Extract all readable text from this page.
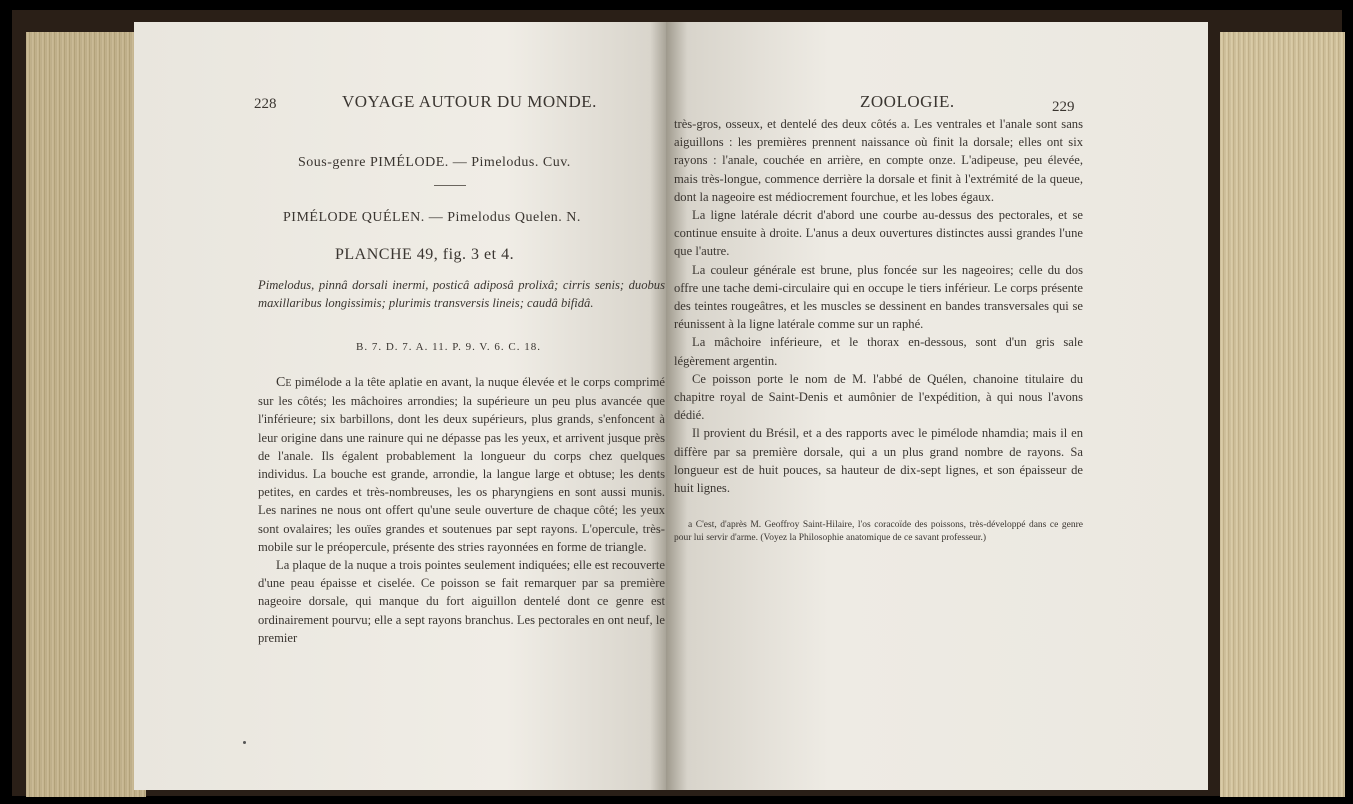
228	VOYAGE AUTOUR DU MONDE.
Sous-genre PIMÉLODE. — Pimelodus. Cuv.
PIMÉLODE QUÉLEN. — Pimelodus Quelen. N.
PLANCHE 49, fig. 3 et 4.
Pimelodus, pinnâ dorsali inermi, posticâ adiposâ prolixâ; cirris senis; duobus maxillaribus longissimis; plurimis transversis lineis; caudâ bifidâ.
B. 7. D. 7. A. 11. P. 9. V. 6. C. 18.

Ce pimélode a la tête aplatie en avant, la nuque élevée et le corps comprimé sur les côtés; les mâchoires arrondies; la supérieure un peu plus avancée que l'inférieure; six barbillons, dont les deux supérieurs, plus grands, s'enfoncent à leur origine dans une rainure qui ne dépasse pas les yeux, et arrivent jusque près de l'anale. Ils égalent probablement la longueur du corps chez quelques individus. La bouche est grande, arrondie, la langue large et obtuse; les dents petites, en cardes et très-nombreuses, les os pharyngiens en sont aussi munis. Les narines ne nous ont offert qu'une seule ouverture de chaque côté; les yeux sont ovalaires; les ouïes grandes et soutenues par sept rayons. L'opercule, très-mobile sur le préopercule, présente des stries rayonnées en forme de triangle.

La plaque de la nuque a trois pointes seulement indiquées; elle est recouverte d'une peau épaisse et ciselée. Ce poisson se fait remarquer par sa première nageoire dorsale, qui manque du fort aiguillon dentelé dont ce genre est ordinairement pourvu; elle a sept rayons branchus. Les pectorales en ont neuf, le premier

ZOOLOGIE.	229

très-gros, osseux, et dentelé des deux côtés a. Les ventrales et l'anale sont sans aiguillons : les premières prennent naissance où finit la dorsale; elles ont six rayons : l'anale, couchée en arrière, en compte onze. L'adipeuse, peu élevée, mais très-longue, commence derrière la dorsale et finit à l'extrémité de la queue, dont la nageoire est médiocrement fourchue, et les lobes égaux.

La ligne latérale décrit d'abord une courbe au-dessus des pectorales, et se continue ensuite à droite. L'anus a deux ouvertures distinctes aussi grandes l'une que l'autre.

La couleur générale est brune, plus foncée sur les nageoires; celle du dos offre une tache demi-circulaire qui en occupe le tiers inférieur. Le corps présente des teintes rougeâtres, et les muscles se dessinent en bandes transversales qui se réunissent à la ligne latérale comme sur un raphé.

La mâchoire inférieure, et le thorax en-dessous, sont d'un gris sale légèrement argentin.

Ce poisson porte le nom de M. l'abbé de Quélen, chanoine titulaire du chapitre royal de Saint-Denis et aumônier de l'expédition, à qui nous l'avons dédié.

Il provient du Brésil, et a des rapports avec le pimélode nhamdia; mais il en diffère par sa première dorsale, qui a un plus grand nombre de rayons. Sa longueur est de huit pouces, sa hauteur de dix-sept lignes, et son épaisseur de huit lignes.

a C'est, d'après M. Geoffroy Saint-Hilaire, l'os coracoïde des poissons, très-développé dans ce genre pour lui servir d'arme. (Voyez la Philosophie anatomique de ce savant professeur.)
